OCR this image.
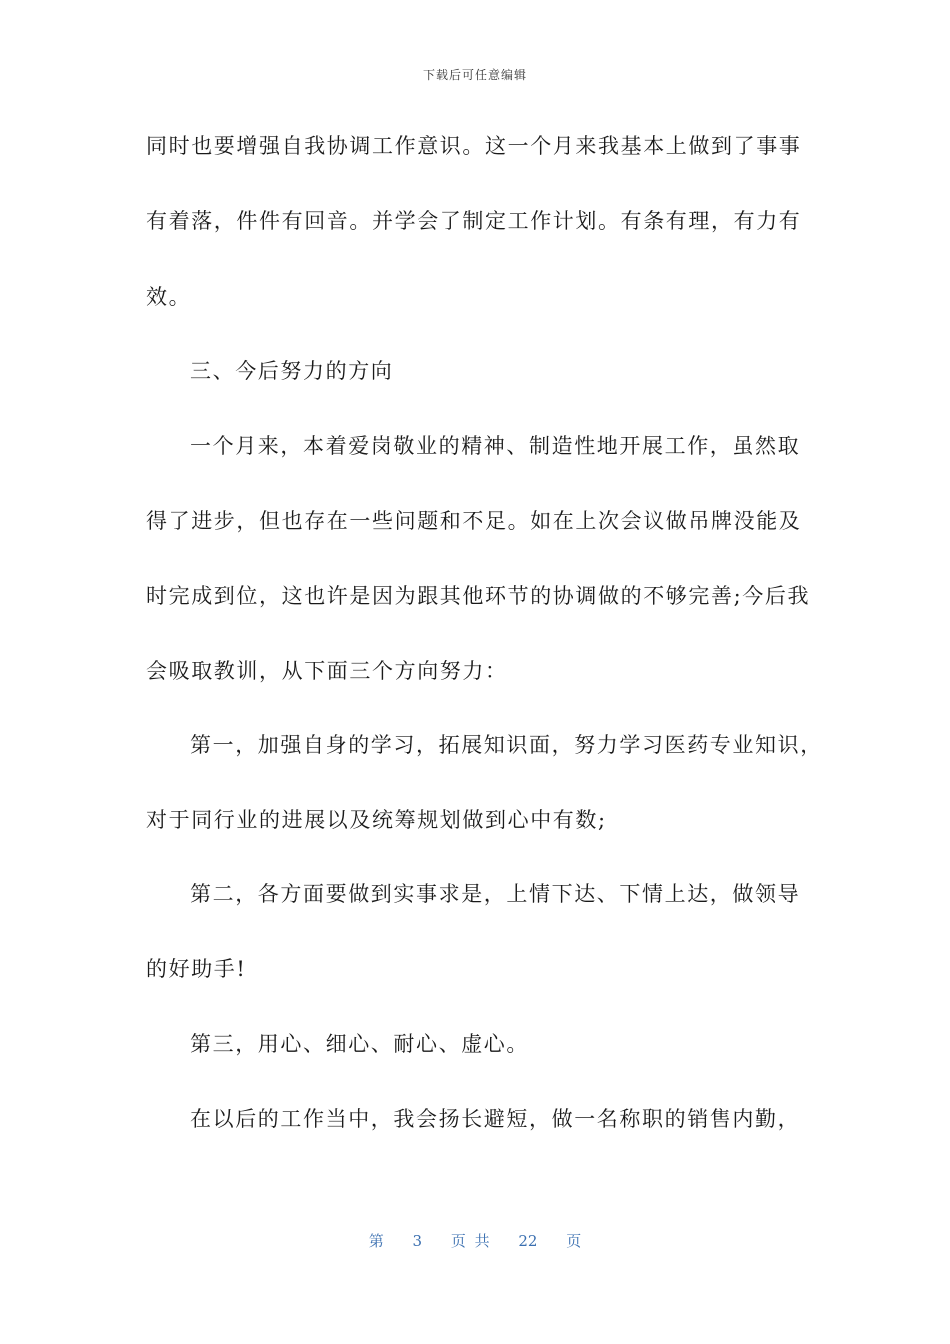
下载后可任意编辑
同时也要增强自我协调工作意识。这一个月来我基本上做到了事事
有着落，件件有回音。并学会了制定工作计划。有条有理，有力有
效。
三、今后努力的方向
一个月来，本着爱岗敬业的精神、制造性地开展工作，虽然取
得了进步，但也存在一些问题和不足。如在上次会议做吊牌没能及
时完成到位，这也许是因为跟其他环节的协调做的不够完善;今后我
会吸取教训，从下面三个方向努力：
第一，加强自身的学习，拓展知识面，努力学习医药专业知识，
对于同行业的进展以及统筹规划做到心中有数;
第二，各方面要做到实事求是，上情下达、下情上达，做领导
的好助手!
第三，用心、细心、耐心、虚心。
在以后的工作当中，我会扬长避短，做一名称职的销售内勤，
第 3 页 共 22 页
